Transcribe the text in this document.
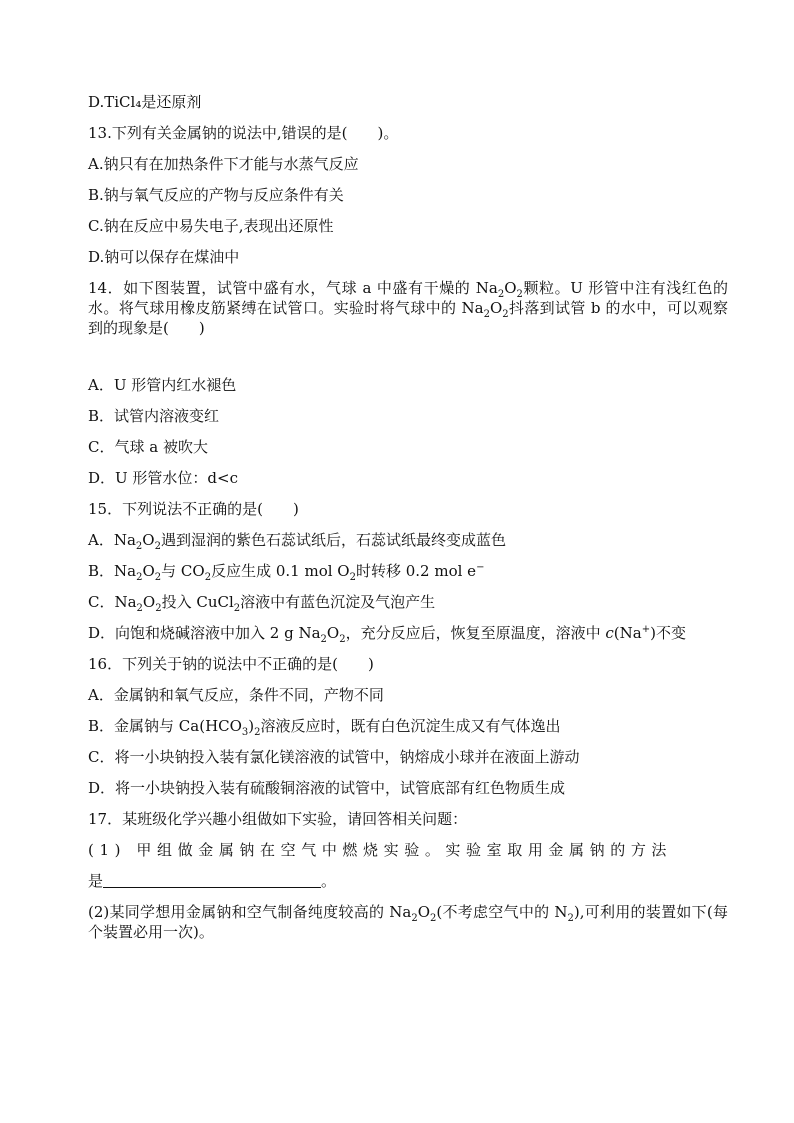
D.TiCl₄是还原剂
13.下列有关金属钠的说法中,错误的是(　　)。
A.钠只有在加热条件下才能与水蒸气反应
B.钠与氧气反应的产物与反应条件有关
C.钠在反应中易失电子,表现出还原性
D.钠可以保存在煤油中
14．如下图装置，试管中盛有水，气球 a 中盛有干燥的 $Na_2O_2$颗粒。U 形管中注有浅红色的水。将气球用橡皮筋紧缚在试管口。实验时将气球中的 $Na_2O_2$抖落到试管 b 的水中，可以观察到的现象是(　　)
A．U 形管内红水褪色
B．试管内溶液变红
C．气球 a 被吹大
D．U 形管水位：d<c
15．下列说法不正确的是(　　)
A．$Na_2O_2$遇到湿润的紫色石蕊试纸后，石蕊试纸最终变成蓝色
B．$Na_2O_2$与 $CO_2$反应生成 0.1 mol $O_2$时转移 0.2 mol e−
C．$Na_2O_2$投入 CuCl$_2$溶液中有蓝色沉淀及气泡产生
D．向饱和烧碱溶液中加入 2 g $Na_2O_2$，充分反应后，恢复至原温度，溶液中 c(Na+)不变
16．下列关于钠的说法中不正确的是(　　)
A．金属钠和氧气反应，条件不同，产物不同
B．金属钠与 $Ca(HCO_3)_2$溶液反应时，既有白色沉淀生成又有气体逸出
C．将一小块钠投入装有氯化镁溶液的试管中，钠熔成小球并在液面上游动
D．将一小块钠投入装有硫酸铜溶液的试管中，试管底部有红色物质生成
17．某班级化学兴趣小组做如下实验，请回答相关问题：
(1) 甲组做金属钠在空气中燃烧实验。实验室取用金属钠的方法
是	。
(2)某同学想用金属钠和空气制备纯度较高的 $Na_2O_2$(不考虑空气中的 $N_2$),可利用的装置如下(每个装置必用一次)。
